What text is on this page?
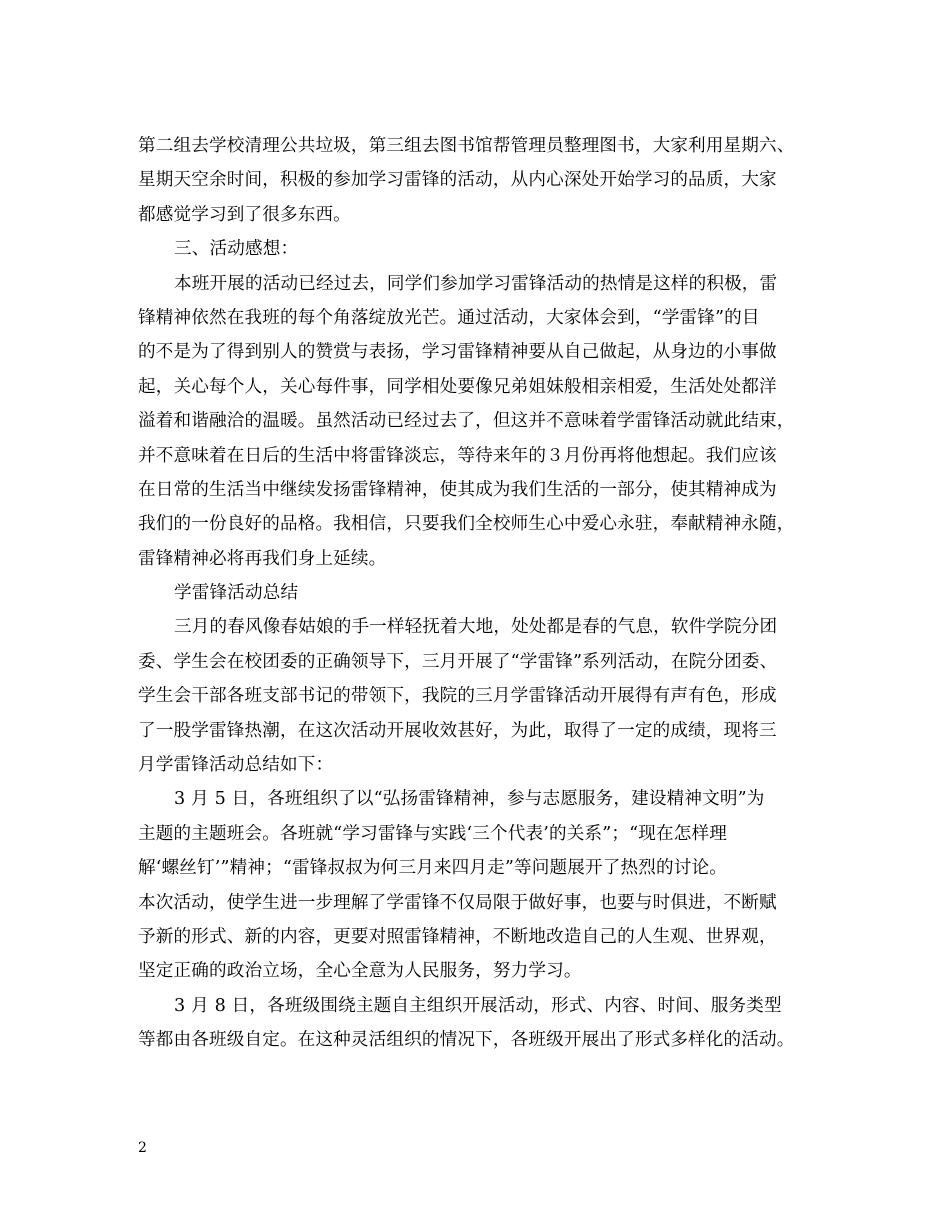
第二组去学校清理公共垃圾，第三组去图书馆帮管理员整理图书，大家利用星期六、
星期天空余时间，积极的参加学习雷锋的活动，从内心深处开始学习的品质，大家
都感觉学习到了很多东西。
三、活动感想：
本班开展的活动已经过去，同学们参加学习雷锋活动的热情是这样的积极，雷
锋精神依然在我班的每个角落绽放光芒。通过活动，大家体会到，“学雷锋”的目
的不是为了得到别人的赞赏与表扬，学习雷锋精神要从自己做起，从身边的小事做
起，关心每个人，关心每件事，同学相处要像兄弟姐妹般相亲相爱，生活处处都洋
溢着和谐融洽的温暖。虽然活动已经过去了，但这并不意味着学雷锋活动就此结束，
并不意味着在日后的生活中将雷锋淡忘，等待来年的３月份再将他想起。我们应该
在日常的生活当中继续发扬雷锋精神，使其成为我们生活的一部分，使其精神成为
我们的一份良好的品格。我相信，只要我们全校师生心中爱心永驻，奉献精神永随，
雷锋精神必将再我们身上延续。
学雷锋活动总结
三月的春风像春姑娘的手一样轻抚着大地，处处都是春的气息，软件学院分团
委、学生会在校团委的正确领导下，三月开展了“学雷锋”系列活动，在院分团委、
学生会干部各班支部书记的带领下，我院的三月学雷锋活动开展得有声有色，形成
了一股学雷锋热潮，在这次活动开展收效甚好，为此，取得了一定的成绩，现将三
月学雷锋活动总结如下：
3 月 5 日，各班组织了以“弘扬雷锋精神，参与志愿服务，建设精神文明”为
主题的主题班会。各班就“学习雷锋与实践‘三个代表’的关系”；“现在怎样理
解‘螺丝钉’”精神；“雷锋叔叔为何三月来四月走”等问题展开了热烈的讨论。
本次活动，使学生进一步理解了学雷锋不仅局限于做好事，也要与时俱进，不断赋
予新的形式、新的内容，更要对照雷锋精神，不断地改造自己的人生观、世界观，
坚定正确的政治立场，全心全意为人民服务，努力学习。
3 月 8 日，各班级围绕主题自主组织开展活动，形式、内容、时间、服务类型
等都由各班级自定。在这种灵活组织的情况下，各班级开展出了形式多样化的活动。
2
